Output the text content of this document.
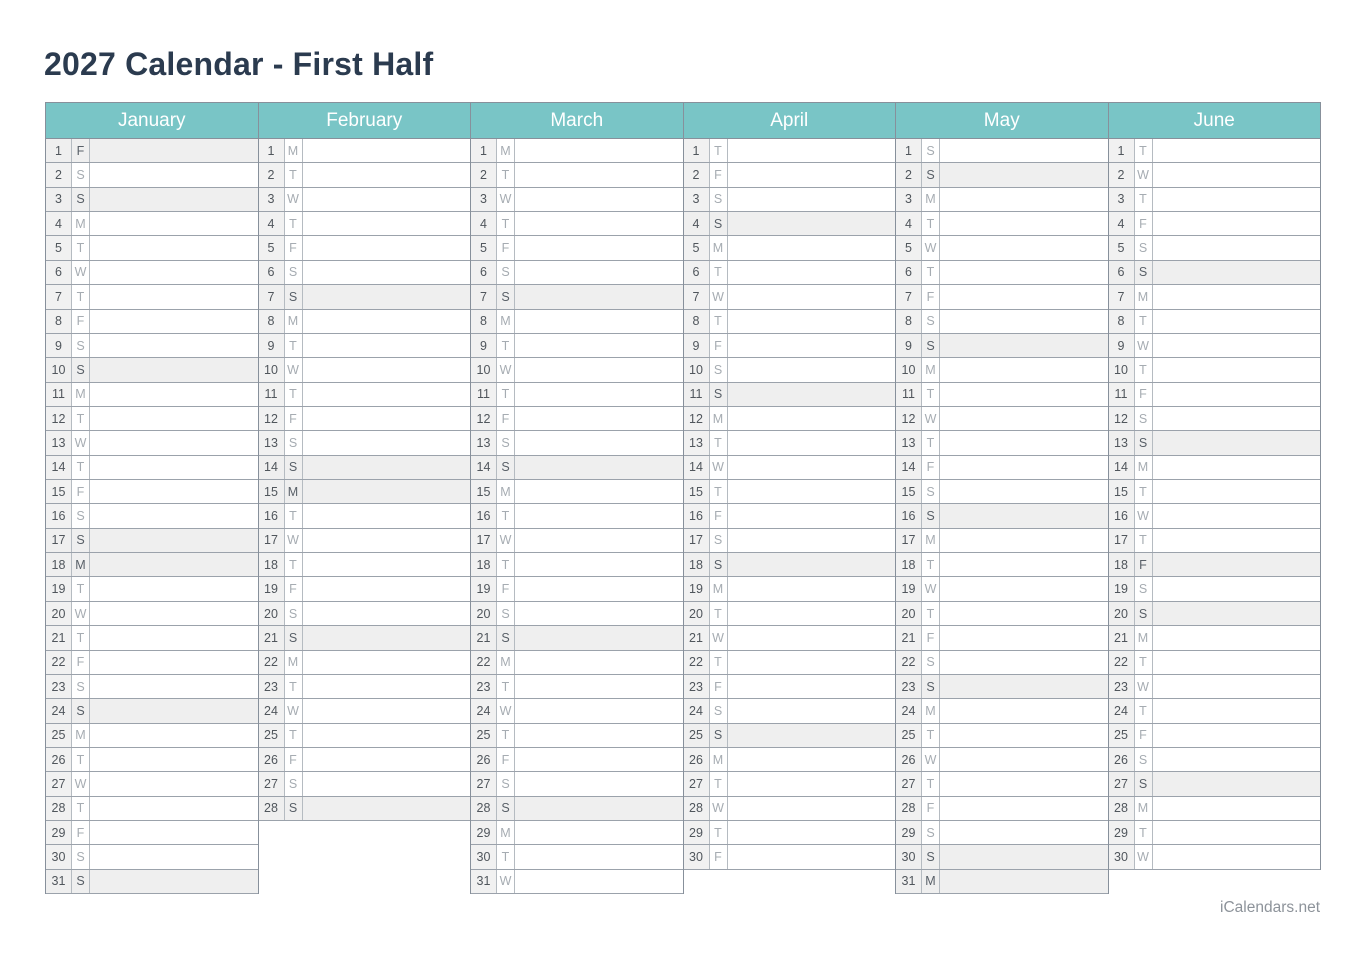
2027 Calendar - First Half
January
1	F
2	S
3	S
4	M
5	T
6	W
7	T
8	F
9	S
10 S
11 M
12 T
13 W
14 T
15 F
16 S
17 S
18 M
19 T
20 W
21 T
22 F
23 S
24 S
25 M
26 T
27 W
28 T
29 F
30 S
31 S
February
1	M
2	T
3	W
4	T
5	F
6	S
7	S
8	M
9	T
10 W
11 T
12 F
13 S
14 S
15 M
16 T
17 W
18 T
19 F
20 S
21 S
22 M
23 T
24 W
25 T
26 F
27 S
28 S
March
1	M
2	T
3	W
4	T
5	F
6	S
7	S
8	M
9	T
10 W
11 T
12 F
13 S
14 S
15 M
16 T
17 W
18 T
19 F
20 S
21 S
22 M
23 T
24 W
25 T
26 F
27 S
28 S
29 M
30 T
31 W
April
1	T
2	F
3	S
4	S
5	M
6	T
7	W
8	T
9	F
10 S
11 S
12 M
13 T
14 W
15 T
16 F
17 S
18 S
19 M
20 T
21 W
22 T
23 F
24 S
25 S
26 M
27 T
28 W
29 T
30 F
May
1	S
2	S
3	M
4	T
5	W
6	T
7	F
8	S
9	S
10 M
11 T
12 W
13 T
14 F
15 S
16 S
17 M
18 T
19 W
20 T
21 F
22 S
23 S
24 M
25 T
26 W
27 T
28 F
29 S
30 S
31 M
June
1	T
2	W
3	T
4	F
5	S
6	S
7	M
8	T
9	W
10 T
11 F
12 S
13 S
14 M
15 T
16 W
17 T
18 F
19 S
20 S
21 M
22 T
23 W
24 T
25 F
26 S
27 S
28 M
29 T
30 W
iCalendars.net
